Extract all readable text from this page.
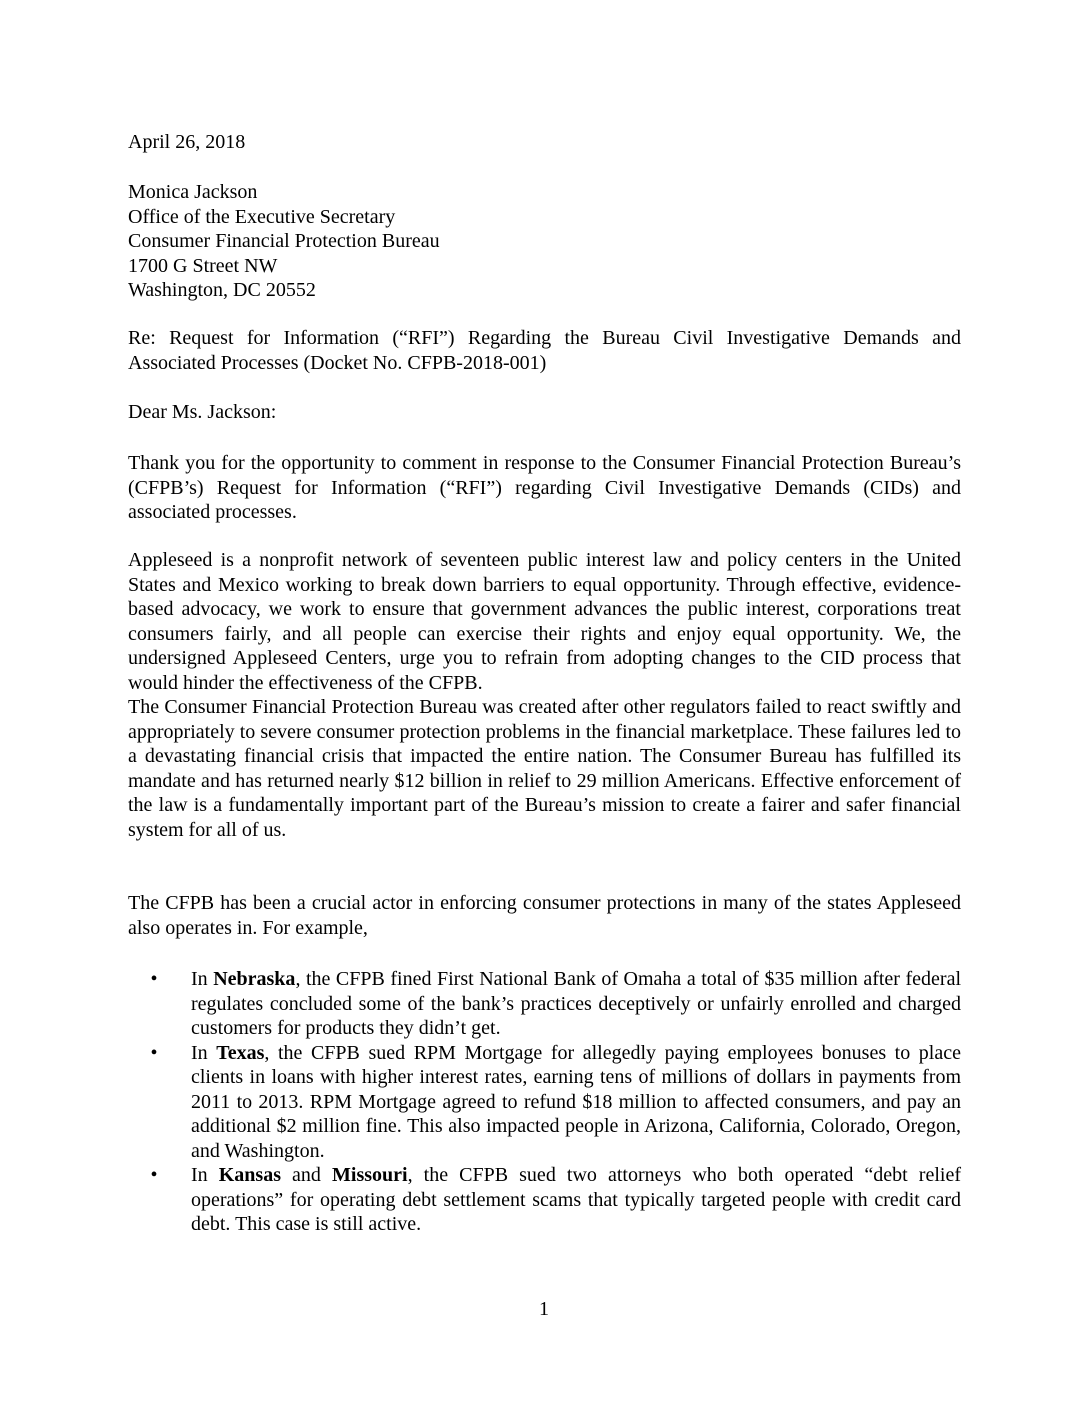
April 26, 2018

Monica Jackson
Office of the Executive Secretary
Consumer Financial Protection Bureau
1700 G Street NW
Washington, DC 20552

Re: Request for Information (“RFI”) Regarding the Bureau Civil Investigative Demands and Associated Processes (Docket No. CFPB-2018-001)

Dear Ms. Jackson:

Thank you for the opportunity to comment in response to the Consumer Financial Protection Bureau’s (CFPB’s) Request for Information (“RFI”) regarding Civil Investigative Demands (CIDs) and associated processes.

Appleseed is a nonprofit network of seventeen public interest law and policy centers in the United States and Mexico working to break down barriers to equal opportunity. Through effective, evidence-based advocacy, we work to ensure that government advances the public interest, corporations treat consumers fairly, and all people can exercise their rights and enjoy equal opportunity. We, the undersigned Appleseed Centers, urge you to refrain from adopting changes to the CID process that would hinder the effectiveness of the CFPB.

The Consumer Financial Protection Bureau was created after other regulators failed to react swiftly and appropriately to severe consumer protection problems in the financial marketplace. These failures led to a devastating financial crisis that impacted the entire nation. The Consumer Bureau has fulfilled its mandate and has returned nearly $12 billion in relief to 29 million Americans. Effective enforcement of the law is a fundamentally important part of the Bureau’s mission to create a fairer and safer financial system for all of us.

The CFPB has been a crucial actor in enforcing consumer protections in many of the states Appleseed also operates in. For example,

•	In Nebraska, the CFPB fined First National Bank of Omaha a total of $35 million after federal regulates concluded some of the bank’s practices deceptively or unfairly enrolled and charged customers for products they didn’t get.
•	In Texas, the CFPB sued RPM Mortgage for allegedly paying employees bonuses to place clients in loans with higher interest rates, earning tens of millions of dollars in payments from 2011 to 2013. RPM Mortgage agreed to refund $18 million to affected consumers, and pay an additional $2 million fine. This also impacted people in Arizona, California, Colorado, Oregon, and Washington.
•	In Kansas and Missouri, the CFPB sued two attorneys who both operated “debt relief operations” for operating debt settlement scams that typically targeted people with credit card debt. This case is still active.
1
